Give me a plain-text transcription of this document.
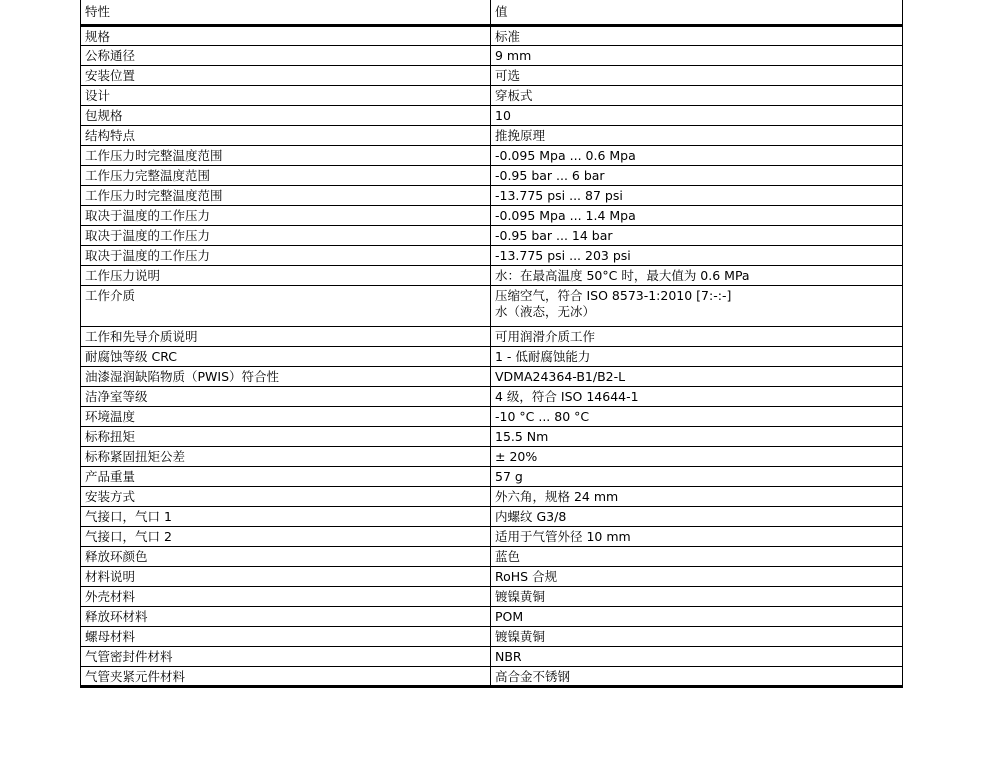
特性	值
规格	标准
公称通径	9 mm
安装位置	可选
设计	穿板式
包规格	10
结构特点	推挽原理
工作压力时完整温度范围	-0.095 Mpa ... 0.6 Mpa
工作压力完整温度范围	-0.95 bar ... 6 bar
工作压力时完整温度范围	-13.775 psi ... 87 psi
取决于温度的工作压力	-0.095 Mpa ... 1.4 Mpa
取决于温度的工作压力	-0.95 bar ... 14 bar
取决于温度的工作压力	-13.775 psi ... 203 psi
工作压力说明	水：在最高温度 50°C 时，最大值为 0.6 MPa
工作介质	压缩空气，符合 ISO 8573-1:2010 [7:-:-]
水（液态，无冰）
工作和先导介质说明	可用润滑介质工作
耐腐蚀等级 CRC	1 - 低耐腐蚀能力
油漆湿润缺陷物质（PWIS）符合性	VDMA24364-B1/B2-L
洁净室等级	4 级，符合 ISO 14644-1
环境温度	-10 °C ... 80 °C
标称扭矩	15.5 Nm
标称紧固扭矩公差	± 20%
产品重量	57 g
安装方式	外六角，规格 24 mm
气接口，气口 1	内螺纹 G3/8
气接口，气口 2	适用于气管外径 10 mm
释放环颜色	蓝色
材料说明	RoHS 合规
外壳材料	镀镍黄铜
释放环材料	POM
螺母材料	镀镍黄铜
气管密封件材料	NBR
气管夹紧元件材料	高合金不锈钢
